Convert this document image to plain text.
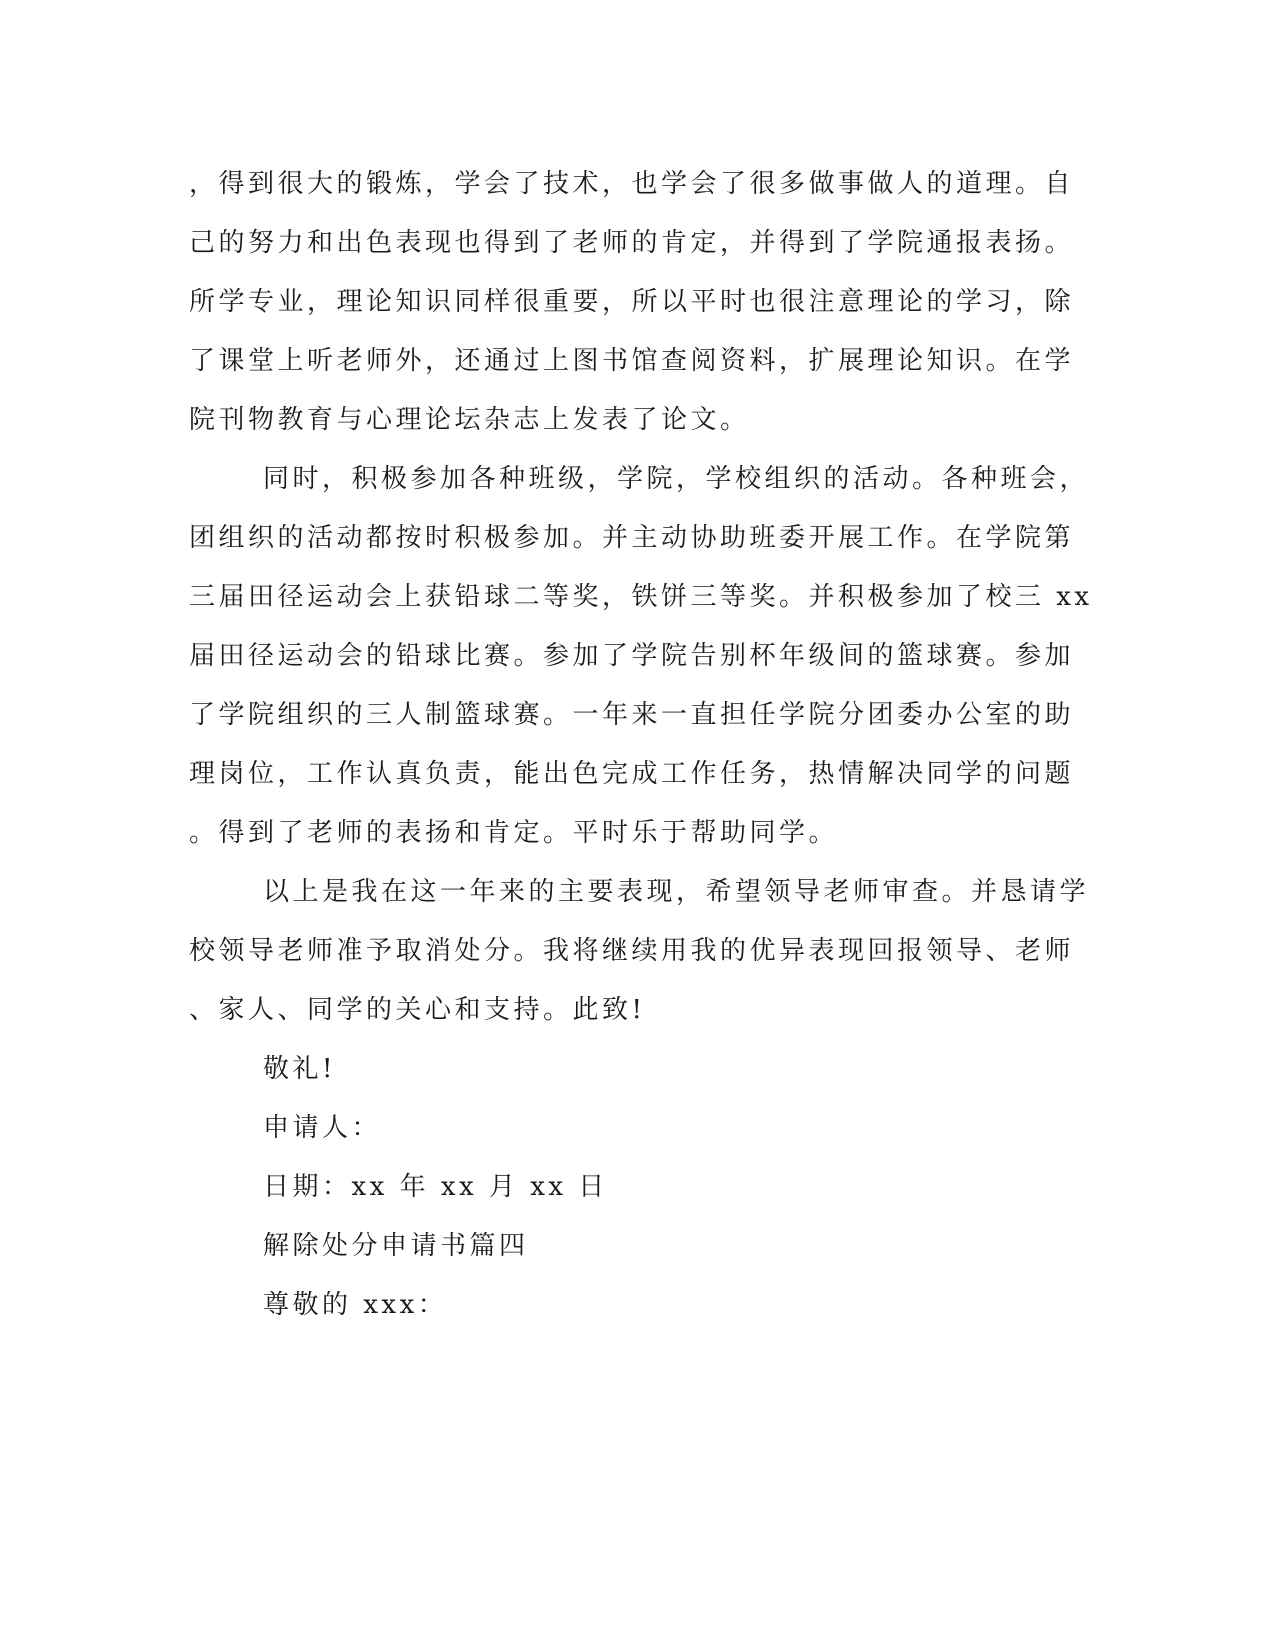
，得到很大的锻炼，学会了技术，也学会了很多做事做人的道理。自
己的努力和出色表现也得到了老师的肯定，并得到了学院通报表扬。
所学专业，理论知识同样很重要，所以平时也很注意理论的学习，除
了课堂上听老师外，还通过上图书馆查阅资料，扩展理论知识。在学
院刊物教育与心理论坛杂志上发表了论文。
同时，积极参加各种班级，学院，学校组织的活动。各种班会，
团组织的活动都按时积极参加。并主动协助班委开展工作。在学院第
三届田径运动会上获铅球二等奖，铁饼三等奖。并积极参加了校三 xx
届田径运动会的铅球比赛。参加了学院告别杯年级间的篮球赛。参加
了学院组织的三人制篮球赛。一年来一直担任学院分团委办公室的助
理岗位，工作认真负责，能出色完成工作任务，热情解决同学的问题
。得到了老师的表扬和肯定。平时乐于帮助同学。
以上是我在这一年来的主要表现，希望领导老师审查。并恳请学
校领导老师准予取消处分。我将继续用我的优异表现回报领导、老师
、家人、同学的关心和支持。此致!
敬礼!
申请人：
日期：xx 年 xx 月 xx 日
解除处分申请书篇四
尊敬的 xxx：
